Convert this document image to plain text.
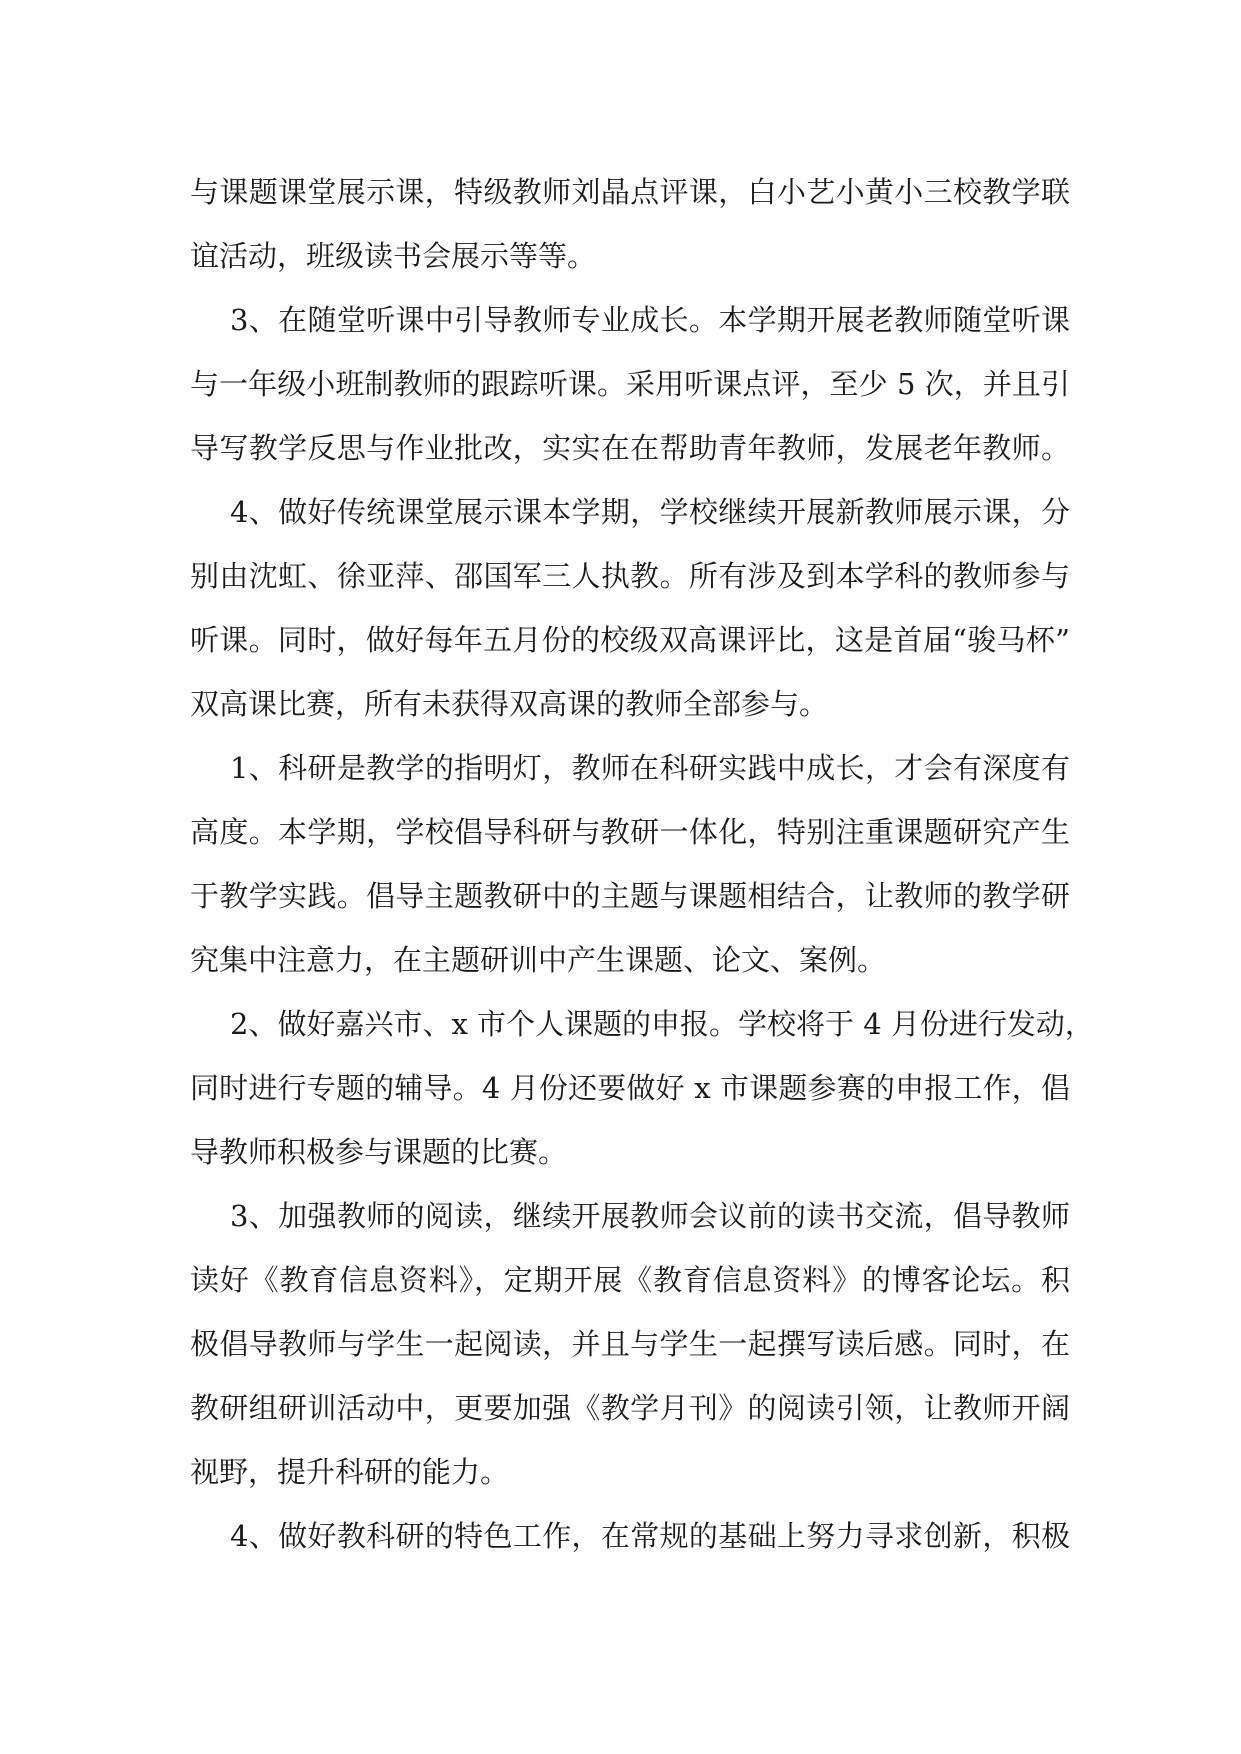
与课题课堂展示课，特级教师刘晶点评课，白小艺小黄小三校教学联
谊活动，班级读书会展示等等。
3、在随堂听课中引导教师专业成长。本学期开展老教师随堂听课
与一年级小班制教师的跟踪听课。采用听课点评，至少 5 次，并且引
导写教学反思与作业批改，实实在在帮助青年教师，发展老年教师。
4、做好传统课堂展示课本学期，学校继续开展新教师展示课，分
别由沈虹、徐亚萍、邵国军三人执教。所有涉及到本学科的教师参与
听课。同时，做好每年五月份的校级双高课评比，这是首届“骏马杯”
双高课比赛，所有未获得双高课的教师全部参与。
1、科研是教学的指明灯，教师在科研实践中成长，才会有深度有
高度。本学期，学校倡导科研与教研一体化，特别注重课题研究产生
于教学实践。倡导主题教研中的主题与课题相结合，让教师的教学研
究集中注意力，在主题研训中产生课题、论文、案例。
2、做好嘉兴市、x 市个人课题的申报。学校将于 4 月份进行发动，
同时进行专题的辅导。4 月份还要做好 x 市课题参赛的申报工作，倡
导教师积极参与课题的比赛。
3、加强教师的阅读，继续开展教师会议前的读书交流，倡导教师
读好《教育信息资料》，定期开展《教育信息资料》的博客论坛。积
极倡导教师与学生一起阅读，并且与学生一起撰写读后感。同时，在
教研组研训活动中，更要加强《教学月刊》的阅读引领，让教师开阔
视野，提升科研的能力。
4、做好教科研的特色工作，在常规的基础上努力寻求创新，积极
